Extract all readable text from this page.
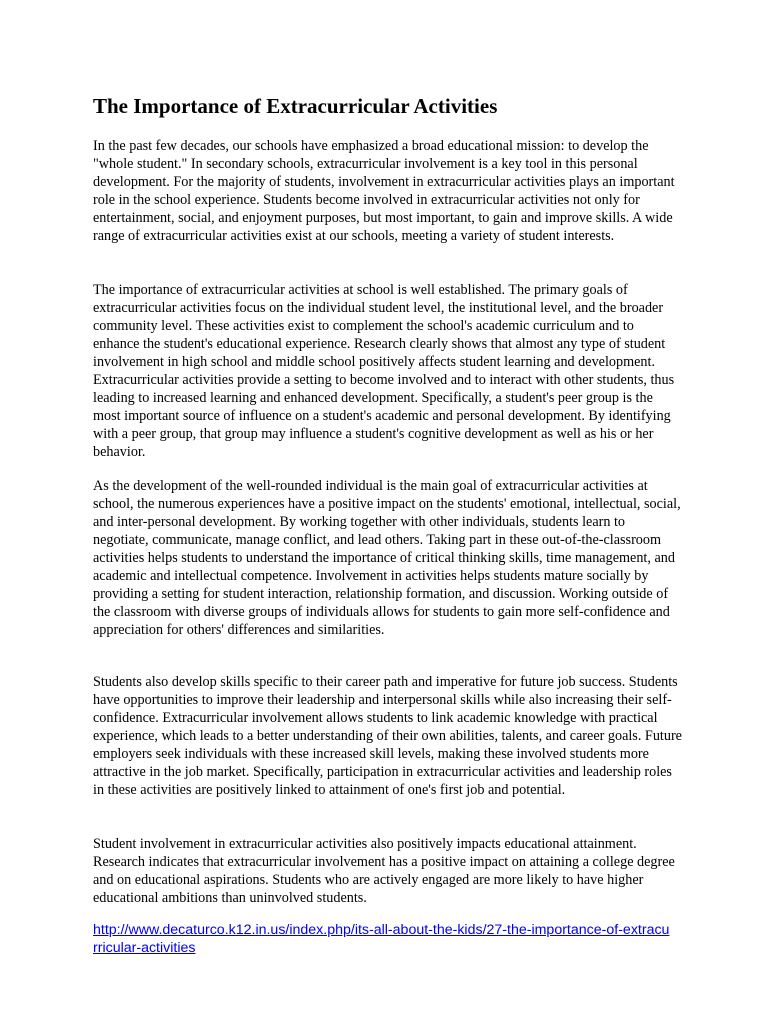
The Importance of Extracurricular Activities

In the past few decades, our schools have emphasized a broad educational mission: to develop the "whole student." In secondary schools, extracurricular involvement is a key tool in this personal development. For the majority of students, involvement in extracurricular activities plays an important role in the school experience. Students become involved in extracurricular activities not only for entertainment, social, and enjoyment purposes, but most important, to gain and improve skills. A wide range of extracurricular activities exist at our schools, meeting a variety of student interests.

The importance of extracurricular activities at school is well established. The primary goals of extracurricular activities focus on the individual student level, the institutional level, and the broader community level. These activities exist to complement the school's academic curriculum and to enhance the student's educational experience. Research clearly shows that almost any type of student involvement in high school and middle school positively affects student learning and development. Extracurricular activities provide a setting to become involved and to interact with other students, thus leading to increased learning and enhanced development. Specifically, a student's peer group is the most important source of influence on a student's academic and personal development. By identifying with a peer group, that group may influence a student's cognitive development as well as his or her behavior.

As the development of the well-rounded individual is the main goal of extracurricular activities at school, the numerous experiences have a positive impact on the students' emotional, intellectual, social, and inter-personal development. By working together with other individuals, students learn to negotiate, communicate, manage conflict, and lead others. Taking part in these out-of-the-classroom activities helps students to understand the importance of critical thinking skills, time management, and academic and intellectual competence. Involvement in activities helps students mature socially by providing a setting for student interaction, relationship formation, and discussion. Working outside of the classroom with diverse groups of individuals allows for students to gain more self-confidence and appreciation for others' differences and similarities.

Students also develop skills specific to their career path and imperative for future job success. Students have opportunities to improve their leadership and interpersonal skills while also increasing their self-confidence. Extracurricular involvement allows students to link academic knowledge with practical experience, which leads to a better understanding of their own abilities, talents, and career goals. Future employers seek individuals with these increased skill levels, making these involved students more attractive in the job market. Specifically, participation in extracurricular activities and leadership roles in these activities are positively linked to attainment of one's first job and potential.

Student involvement in extracurricular activities also positively impacts educational attainment. Research indicates that extracurricular involvement has a positive impact on attaining a college degree and on educational aspirations. Students who are actively engaged are more likely to have higher educational ambitions than uninvolved students.

http://www.decaturco.k12.in.us/index.php/its-all-about-the-kids/27-the-importance-of-extracurricular-activities
